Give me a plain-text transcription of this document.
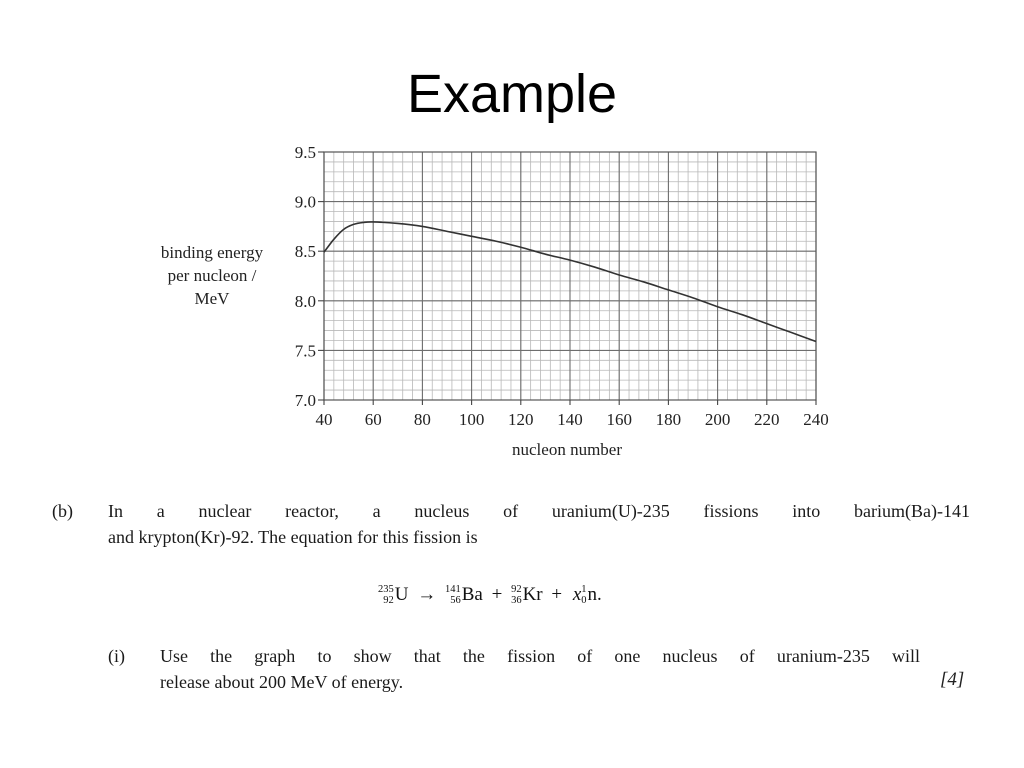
Example
40 60 80 100 120 140 160 180 200 220 240
7.0
7.5
8.0
8.5
9.0
9.5
nucleon number
binding energy
per nucleon /
MeV
(b) In a nuclear reactor, a nucleus of uranium(U)-235 fissions into barium(Ba)-141
and krypton(Kr)-92. The equation for this fission is
235
92 U → 141
56 Ba + 92
36 Kr + x 1
0 n.
(i) Use the graph to show that the fission of one nucleus of uranium-235 will
release about 200 MeV of energy.	[4]
